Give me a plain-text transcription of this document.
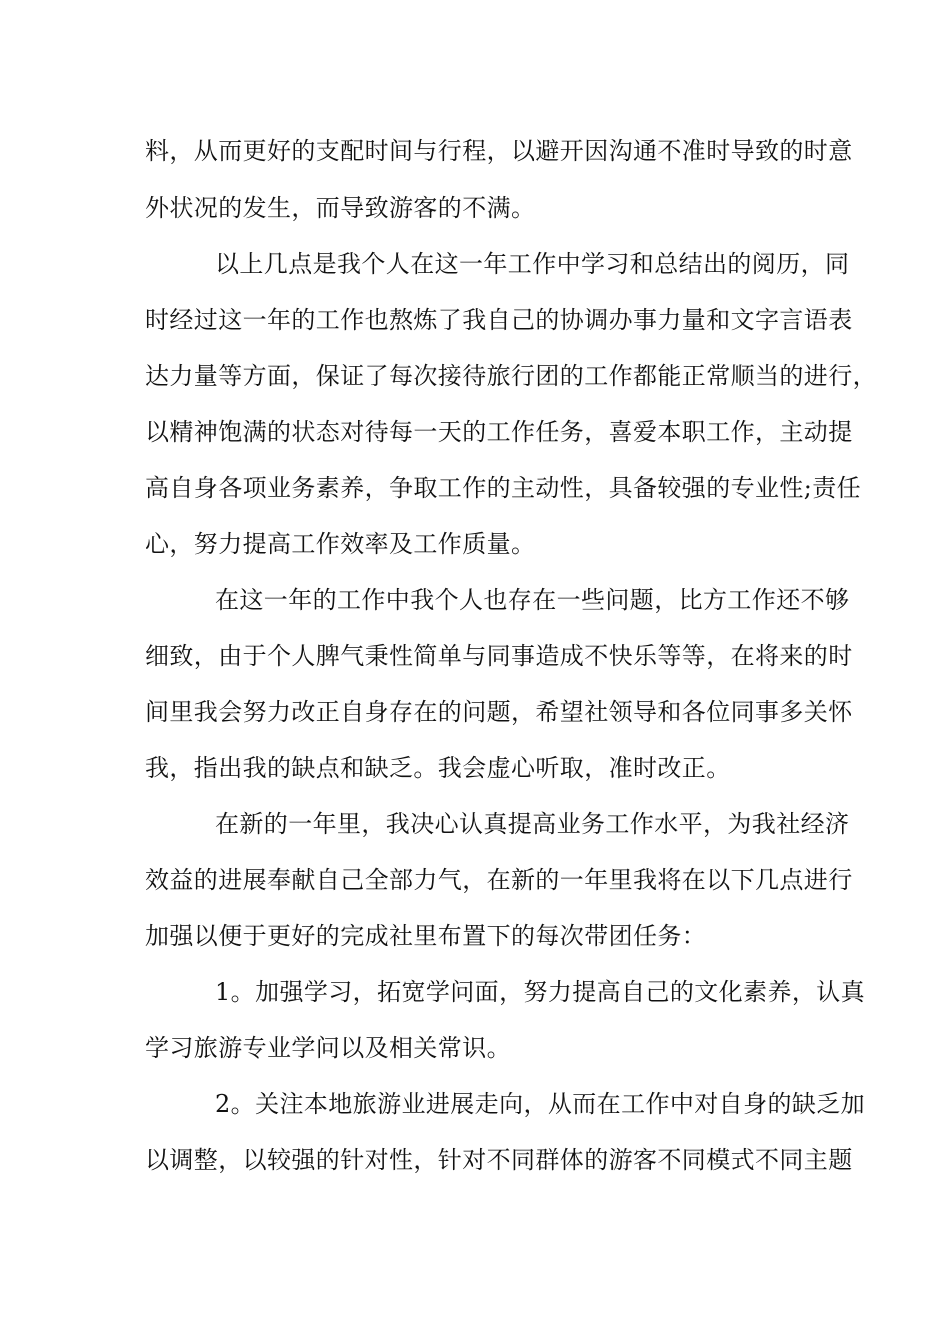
料，从而更好的支配时间与行程，以避开因沟通不准时导致的时意
外状况的发生，而导致游客的不满。
以上几点是我个人在这一年工作中学习和总结出的阅历，同
时经过这一年的工作也熬炼了我自己的协调办事力量和文字言语表
达力量等方面，保证了每次接待旅行团的工作都能正常顺当的进行，
以精神饱满的状态对待每一天的工作任务，喜爱本职工作，主动提
高自身各项业务素养，争取工作的主动性，具备较强的专业性;责任
心，努力提高工作效率及工作质量。
在这一年的工作中我个人也存在一些问题，比方工作还不够
细致，由于个人脾气秉性简单与同事造成不快乐等等，在将来的时
间里我会努力改正自身存在的问题，希望社领导和各位同事多关怀
我，指出我的缺点和缺乏。我会虚心听取，准时改正。
在新的一年里，我决心认真提高业务工作水平，为我社经济
效益的进展奉献自己全部力气，在新的一年里我将在以下几点进行
加强以便于更好的完成社里布置下的每次带团任务：
1。加强学习，拓宽学问面，努力提高自己的文化素养，认真
学习旅游专业学问以及相关常识。
2。关注本地旅游业进展走向，从而在工作中对自身的缺乏加
以调整，以较强的针对性，针对不同群体的游客不同模式不同主题
